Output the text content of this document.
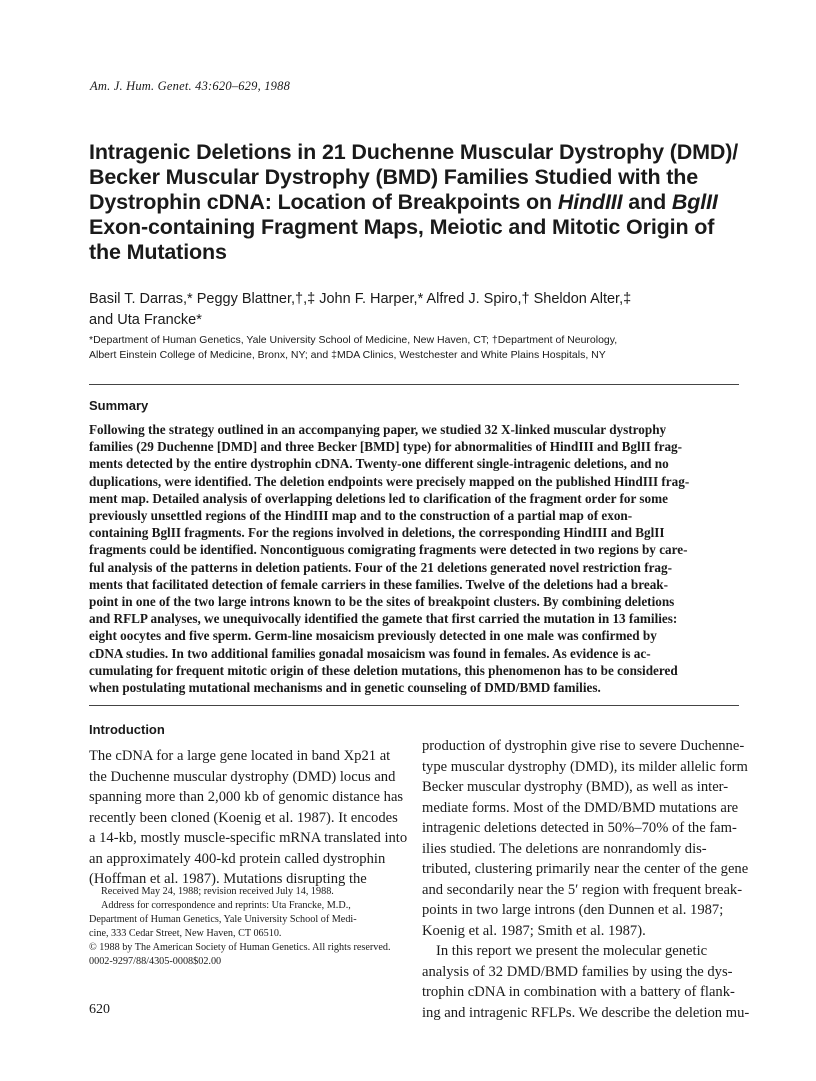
Am. J. Hum. Genet. 43:620–629, 1988
Intragenic Deletions in 21 Duchenne Muscular Dystrophy (DMD)/
Becker Muscular Dystrophy (BMD) Families Studied with the
Dystrophin cDNA: Location of Breakpoints on HindIII and BglII
Exon-containing Fragment Maps, Meiotic and Mitotic Origin of
the Mutations
Basil T. Darras,* Peggy Blattner,†,‡ John F. Harper,* Alfred J. Spiro,† Sheldon Alter,‡
and Uta Francke*
*Department of Human Genetics, Yale University School of Medicine, New Haven, CT; †Department of Neurology,
Albert Einstein College of Medicine, Bronx, NY; and ‡MDA Clinics, Westchester and White Plains Hospitals, NY
Summary
Following the strategy outlined in an accompanying paper, we studied 32 X-linked muscular dystrophy
families (29 Duchenne [DMD] and three Becker [BMD] type) for abnormalities of HindIII and BglII frag-
ments detected by the entire dystrophin cDNA. Twenty-one different single-intragenic deletions, and no
duplications, were identified. The deletion endpoints were precisely mapped on the published HindIII frag-
ment map. Detailed analysis of overlapping deletions led to clarification of the fragment order for some
previously unsettled regions of the HindIII map and to the construction of a partial map of exon-
containing BglII fragments. For the regions involved in deletions, the corresponding HindIII and BglII
fragments could be identified. Noncontiguous comigrating fragments were detected in two regions by care-
ful analysis of the patterns in deletion patients. Four of the 21 deletions generated novel restriction frag-
ments that facilitated detection of female carriers in these families. Twelve of the deletions had a break-
point in one of the two large introns known to be the sites of breakpoint clusters. By combining deletions
and RFLP analyses, we unequivocally identified the gamete that first carried the mutation in 13 families:
eight oocytes and five sperm. Germ-line mosaicism previously detected in one male was confirmed by
cDNA studies. In two additional families gonadal mosaicism was found in females. As evidence is ac-
cumulating for frequent mitotic origin of these deletion mutations, this phenomenon has to be considered
when postulating mutational mechanisms and in genetic counseling of DMD/BMD families.
Introduction
The cDNA for a large gene located in band Xp21 at
the Duchenne muscular dystrophy (DMD) locus and
spanning more than 2,000 kb of genomic distance has
recently been cloned (Koenig et al. 1987). It encodes
a 14-kb, mostly muscle-specific mRNA translated into
an approximately 400-kd protein called dystrophin
(Hoffman et al. 1987). Mutations disrupting the
production of dystrophin give rise to severe Duchenne-
type muscular dystrophy (DMD), its milder allelic form
Becker muscular dystrophy (BMD), as well as inter-
mediate forms. Most of the DMD/BMD mutations are
intragenic deletions detected in 50%–70% of the fam-
ilies studied. The deletions are nonrandomly dis-
tributed, clustering primarily near the center of the gene
and secondarily near the 5′ region with frequent break-
points in two large introns (den Dunnen et al. 1987;
Koenig et al. 1987; Smith et al. 1987).
In this report we present the molecular genetic
analysis of 32 DMD/BMD families by using the dys-
trophin cDNA in combination with a battery of flank-
ing and intragenic RFLPs. We describe the deletion mu-
Received May 24, 1988; revision received July 14, 1988.
Address for correspondence and reprints: Uta Francke, M.D.,
Department of Human Genetics, Yale University School of Medi-
cine, 333 Cedar Street, New Haven, CT 06510.
© 1988 by The American Society of Human Genetics. All rights reserved.
0002-9297/88/4305-0008$02.00
620
